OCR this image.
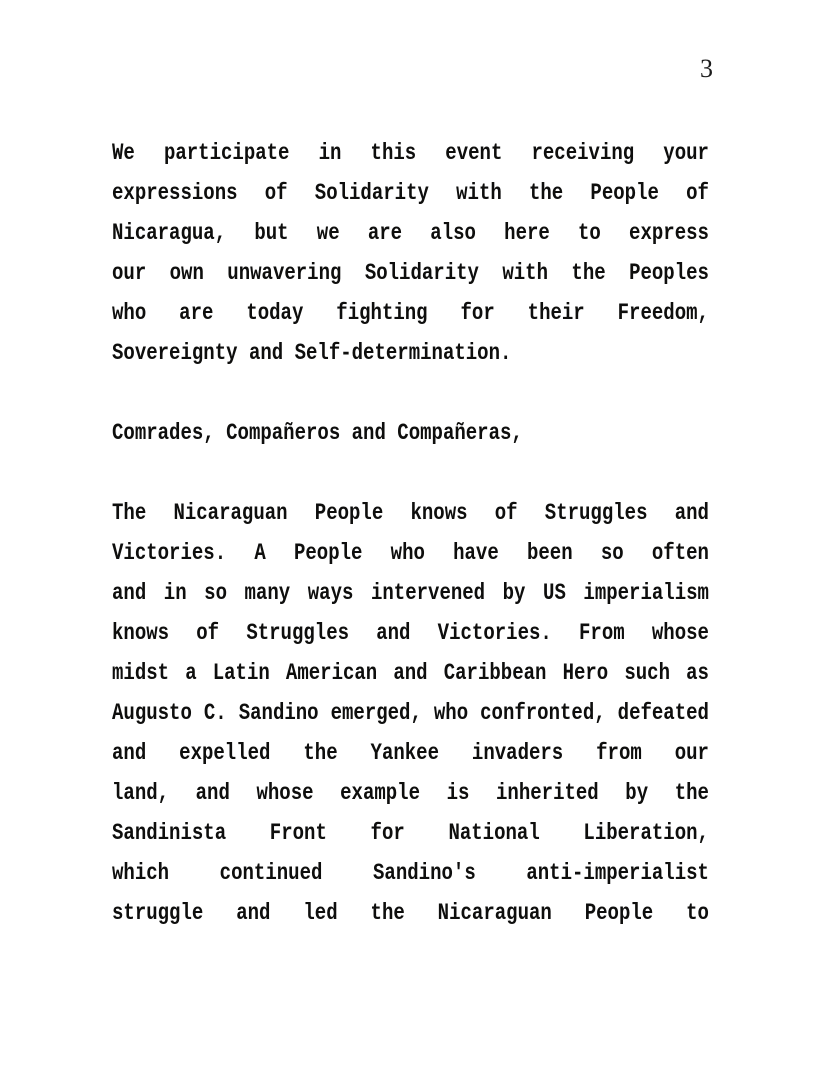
3
We participate in this event receiving your
expressions of Solidarity with the People of
Nicaragua, but we are also here to express
our own unwavering Solidarity with the Peoples
who are today fighting for their Freedom,
Sovereignty and Self-determination.
Comrades, Compañeros and Compañeras,
The Nicaraguan People knows of Struggles and
Victories. A People who have been so often
and in so many ways intervened by US imperialism
knows of Struggles and Victories. From whose
midst a Latin American and Caribbean Hero such as
Augusto C. Sandino emerged, who confronted, defeated
and expelled the Yankee invaders from our
land, and whose example is inherited by the
Sandinista Front for National Liberation,
which continued Sandino's anti-imperialist
struggle and led the Nicaraguan People to
